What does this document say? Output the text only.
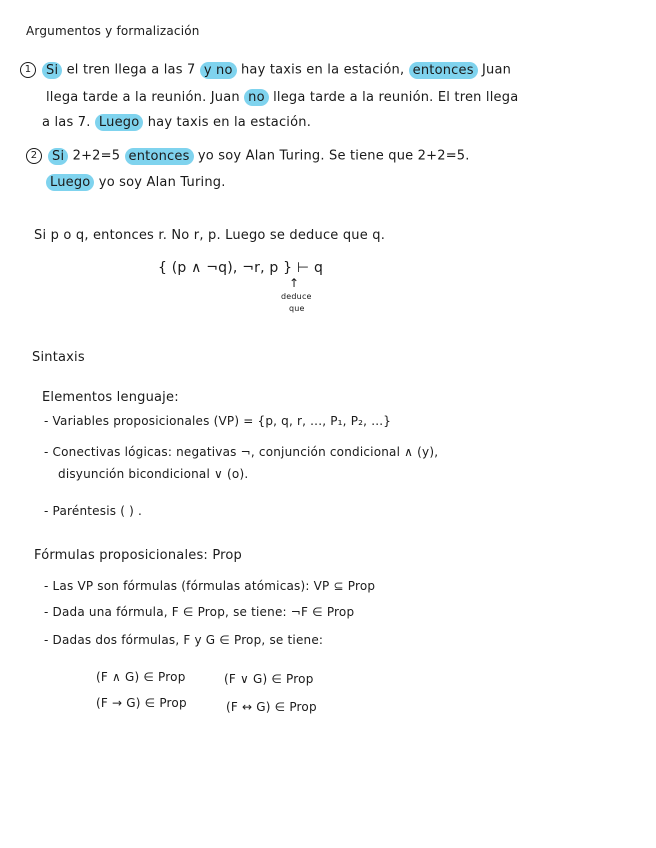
Argumentos y formalización
1 Si el tren llega a las 7 y no hay taxis en la estación, entonces Juan
llega tarde a la reunión. Juan no llega tarde a la reunión. El tren llega
a las 7. Luego hay taxis en la estación.
2 Si 2+2=5 entonces yo soy Alan Turing. Se tiene que 2+2=5.
Luego yo soy Alan Turing.
Si p o q, entonces r. No r, p. Luego se deduce que q.
{ (p ∧ ¬q), ¬r, p } ⊢ q
↑
deduce
que
Sintaxis
Elementos lenguaje:
- Variables proposicionales (VP) = {p, q, r, ..., P₁, P₂, ...}
- Conectivas lógicas: negativas ¬, conjunción condicional ∧ (y),
disyunción bicondicional ∨ (o).
- Paréntesis ( ) .
Fórmulas proposicionales: Prop
- Las VP son fórmulas (fórmulas atómicas): VP ⊆ Prop
- Dada una fórmula, F ∈ Prop, se tiene: ¬F ∈ Prop
- Dadas dos fórmulas, F y G ∈ Prop, se tiene:
(F ∧ G) ∈ Prop	(F ∨ G) ∈ Prop
(F → G) ∈ Prop	(F ↔ G) ∈ Prop
